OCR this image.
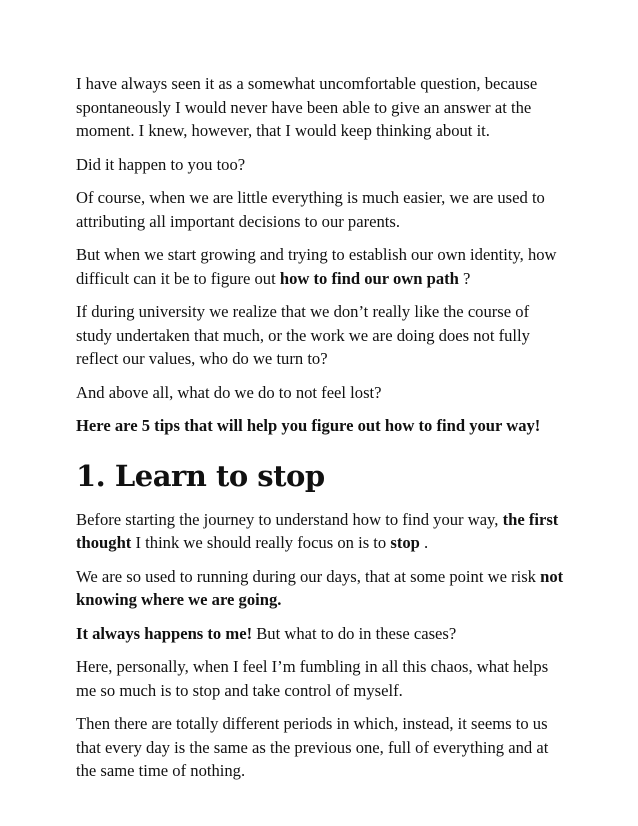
I have always seen it as a somewhat uncomfortable question, because spontaneously I would never have been able to give an answer at the moment. I knew, however, that I would keep thinking about it.

Did it happen to you too?

Of course, when we are little everything is much easier, we are used to attributing all important decisions to our parents.

But when we start growing and trying to establish our own identity, how difficult can it be to figure out how to find our own path ?

If during university we realize that we don’t really like the course of study undertaken that much, or the work we are doing does not fully reflect our values, who do we turn to?

And above all, what do we do to not feel lost?

Here are 5 tips that will help you figure out how to find your way!

1. Learn to stop

Before starting the journey to understand how to find your way, the first thought I think we should really focus on is to stop .

We are so used to running during our days, that at some point we risk not knowing where we are going.

It always happens to me! But what to do in these cases?

Here, personally, when I feel I’m fumbling in all this chaos, what helps me so much is to stop and take control of myself.

Then there are totally different periods in which, instead, it seems to us that every day is the same as the previous one, full of everything and at the same time of nothing.
